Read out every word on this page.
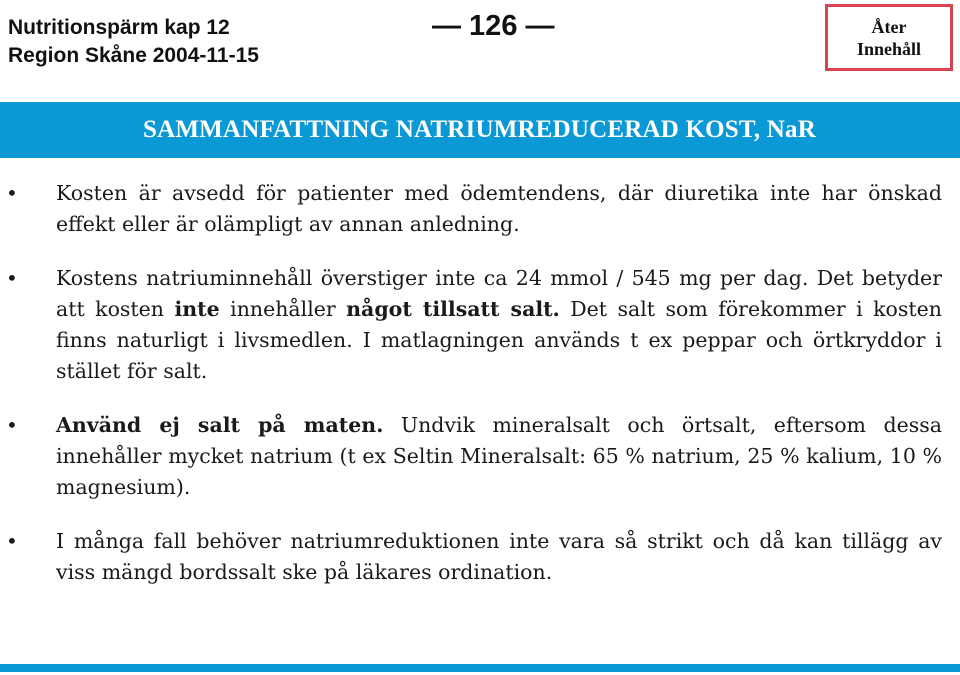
Nutritionspärm kap 12
Region Skåne 2004-11-15
— 126 —	Åter
Innehåll
SAMMANFATTNING NATRIUMREDUCERAD KOST, NaR
• Kosten är avsedd för patienter med ödemtendens, där diuretika inte har önskad effekt eller är olämpligt av annan anledning.
• Kostens natriuminnehåll överstiger inte ca 24 mmol / 545 mg per dag. Det betyder att kosten inte innehåller något tillsatt salt. Det salt som förekommer i kosten finns naturligt i livsmedlen. I matlagningen används t ex peppar och örtkryddor i stället för salt.
• Använd ej salt på maten. Undvik mineralsalt och örtsalt, eftersom dessa innehåller mycket natrium (t ex Seltin Mineralsalt: 65 % natrium, 25 % kalium, 10 % magnesium).
• I många fall behöver natriumreduktionen inte vara så strikt och då kan tillägg av viss mängd bordssalt ske på läkares ordination.
